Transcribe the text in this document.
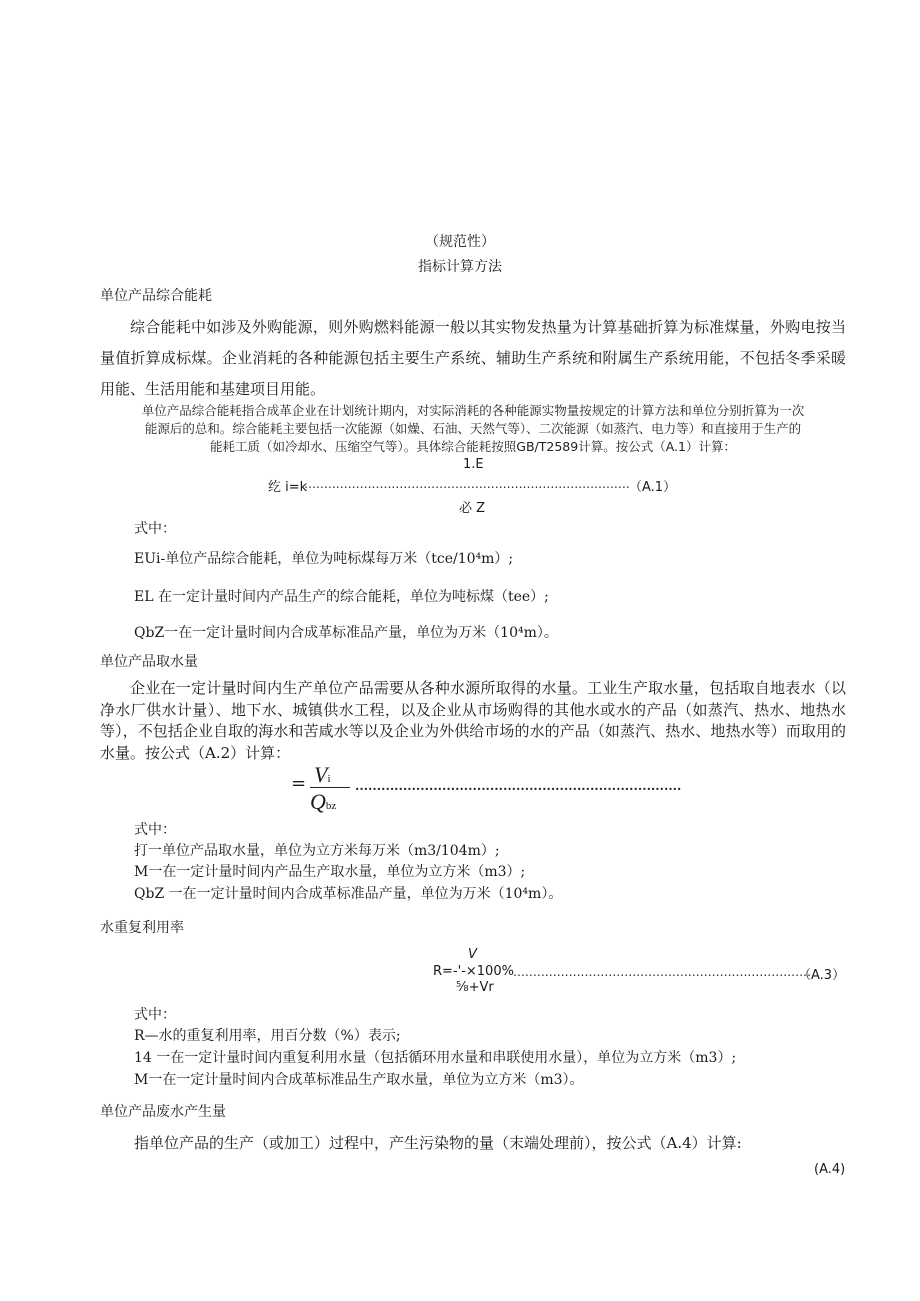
（规范性）
指标计算方法
单位产品综合能耗
综合能耗中如涉及外购能源，则外购燃料能源一般以其实物发热量为计算基础折算为标准煤量，外购电按当量值折算成标煤。企业消耗的各种能源包括主要生产系统、辅助生产系统和附属生产系统用能，不包括冬季采暖用能、生活用能和基建项目用能。
单位产品综合能耗指合成革企业在计划统计期内，对实际消耗的各种能源实物量按规定的计算方法和单位分别折算为一次
能源后的总和。综合能耗主要包括一次能源（如燥、石油、天然气等）、二次能源（如蒸汽、电力等）和直接用于生产的
能耗工质（如冷却水、压缩空气等）。具体综合能耗按照GB/T2589计算。按公式（A.1）计算：
1.E
纥 i=k
.................................................................................. （A.1）
必 Z
式中：
EUi-单位产品综合能耗，单位为吨标煤每万米（tce/10⁴m）;
EL 在一定计量时间内产品生产的综合能耗，单位为吨标煤（tee）;
QbZ一在一定计量时间内合成革标准品产量，单位为万米（10⁴m）。
单位产品取水量
企业在一定计量时间内生产单位产品需要从各种水源所取得的水量。工业生产取水量，包括取自地表水（以净水厂供水计量）、地下水、城镇供水工程，以及企业从市场购得的其他水或水的产品（如蒸汽、热水、地热水等），不包括企业自取的海水和苦咸水等以及企业为外供给市场的水的产品（如蒸汽、热水、地热水等）而取用的水量。按公式（A.2）计算：
= Vi
Qbz
...........................................................................
式中：
打一单位产品取水量，单位为立方米每万米（m3/104m）;
M一在一定计量时间内产品生产取水量，单位为立方米（m3）;
QbZ 一在一定计量时间内合成革标准品产量，单位为万米（10⁴m）。
水重复利用率
V
R=-'-×100% ...........................................................................
（A.3）
⅝+Vr
式中：
R—水的重复利用率，用百分数（%）表示;
14 一在一定计量时间内重复利用水量（包括循环用水量和串联使用水量），单位为立方米（m3）;
M一在一定计量时间内合成革标准品生产取水量，单位为立方米（m3）。
单位产品废水产生量
指单位产品的生产（或加工）过程中，产生污染物的量（末端处理前），按公式（A.4）计算:
(A.4)
